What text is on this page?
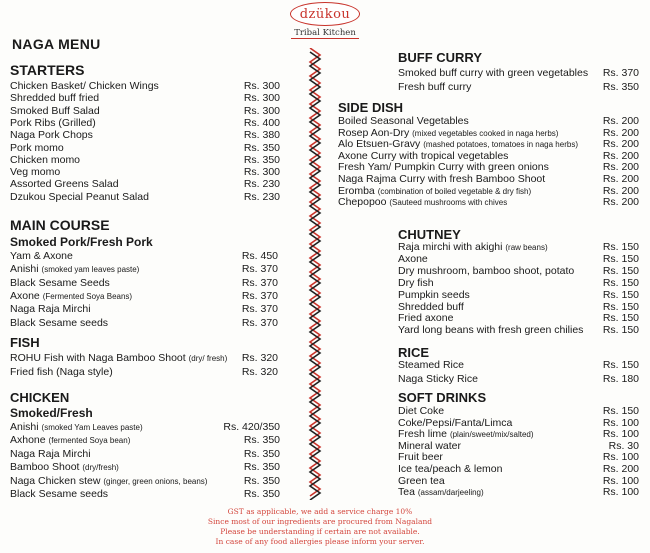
dzükou
Tribal Kitchen
NAGA MENU
STARTERS
Chicken Basket/ Chicken Wings	Rs. 300
Shredded buff fried	Rs. 300
Smoked Buff Salad	Rs. 300
Pork Ribs (Grilled)	Rs. 400
Naga Pork Chops	Rs. 380
Pork momo	Rs. 350
Chicken momo	Rs. 350
Veg momo	Rs. 300
Assorted Greens Salad	Rs. 230
Dzukou Special Peanut Salad	Rs. 230
MAIN COURSE
Smoked Pork/Fresh Pork
Yam & Axone	Rs. 450
Anishi (smoked yam leaves paste)	Rs. 370
Black Sesame Seeds	Rs. 370
Axone (Fermented Soya Beans)	Rs. 370
Naga Raja Mirchi	Rs. 370
Black Sesame seeds	Rs. 370
FISH
ROHU Fish with Naga Bamboo Shoot (dry/ fresh) Rs. 320
Fried fish (Naga style)	Rs. 320
CHICKEN
Smoked/Fresh
Anishi (smoked Yam Leaves paste)	Rs. 420/350
Axhone (fermented Soya bean)	Rs. 350
Naga Raja Mirchi	Rs. 350
Bamboo Shoot (dry/fresh)	Rs. 350
Naga Chicken stew (ginger, green onions, beans)	Rs. 350
Black Sesame seeds	Rs. 350
BUFF CURRY
Smoked buff curry with green vegetables Rs. 370
Fresh buff curry	Rs. 350
SIDE DISH
Boiled Seasonal Vegetables	Rs. 200
Rosep Aon-Dry (mixed vegetables cooked in naga herbs)	Rs. 200
Alo Etsuen-Gravy (mashed potatoes, tomatoes in naga herbs) Rs. 200
Axone Curry with tropical vegetables	Rs. 200
Fresh Yam/ Pumpkin Curry with green onions	Rs. 200
Naga Rajma Curry with fresh Bamboo Shoot	Rs. 200
Eromba (combination of boiled vegetable & dry fish)	Rs. 200
Chepopoo (Sauteed mushrooms with chives	Rs. 200
CHUTNEY
Raja mirchi with akighi (raw beans)	Rs. 150
Axone	Rs. 150
Dry mushroom, bamboo shoot, potato	Rs. 150
Dry fish	Rs. 150
Pumpkin seeds	Rs. 150
Shredded buff	Rs. 150
Fried axone	Rs. 150
Yard long beans with fresh green chilies Rs. 150
RICE
Steamed Rice	Rs. 150
Naga Sticky Rice	Rs. 180
SOFT DRINKS
Diet Coke	Rs. 150
Coke/Pepsi/Fanta/Limca	Rs. 100
Fresh lime (plain/sweet/mix/salted)	Rs. 100
Mineral water	Rs. 30
Fruit beer	Rs. 100
Ice tea/peach & lemon	Rs. 200
Green tea	Rs. 100
Tea (assam/darjeeling)	Rs. 100
GST as applicable, we add a service charge 10%
Since most of our ingredients are procured from Nagaland
Please be understanding if certain are not available.
In case of any food allergies please inform your server.
